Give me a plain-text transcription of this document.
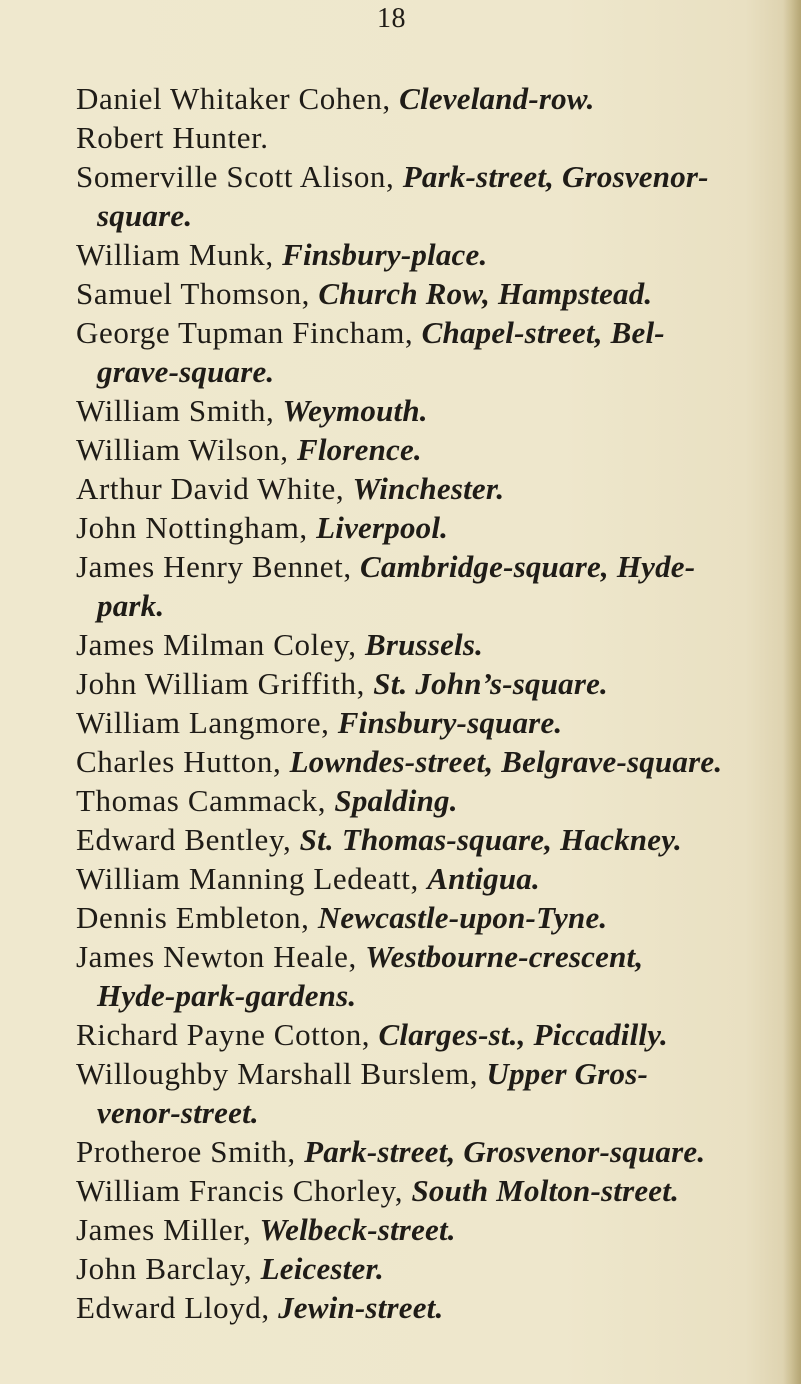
18
Daniel Whitaker Cohen, Cleveland-row.
Robert Hunter.
Somerville Scott Alison, Park-street, Grosvenor-
square.
William Munk, Finsbury-place.
Samuel Thomson, Church Row, Hampstead.
George Tupman Fincham, Chapel-street, Bel-
grave-square.
William Smith, Weymouth.
William Wilson, Florence.
Arthur David White, Winchester.
John Nottingham, Liverpool.
James Henry Bennet, Cambridge-square, Hyde-
park.
James Milman Coley, Brussels.
John William Griffith, St. John’s-square.
William Langmore, Finsbury-square.
Charles Hutton, Lowndes-street, Belgrave-square.
Thomas Cammack, Spalding.
Edward Bentley, St. Thomas-square, Hackney.
William Manning Ledeatt, Antigua.
Dennis Embleton, Newcastle-upon-Tyne.
James Newton Heale, Westbourne-crescent,
Hyde-park-gardens.
Richard Payne Cotton, Clarges-st., Piccadilly.
Willoughby Marshall Burslem, Upper Gros-
venor-street.
Protheroe Smith, Park-street, Grosvenor-square.
William Francis Chorley, South Molton-street.
James Miller, Welbeck-street.
John Barclay, Leicester.
Edward Lloyd, Jewin-street.
